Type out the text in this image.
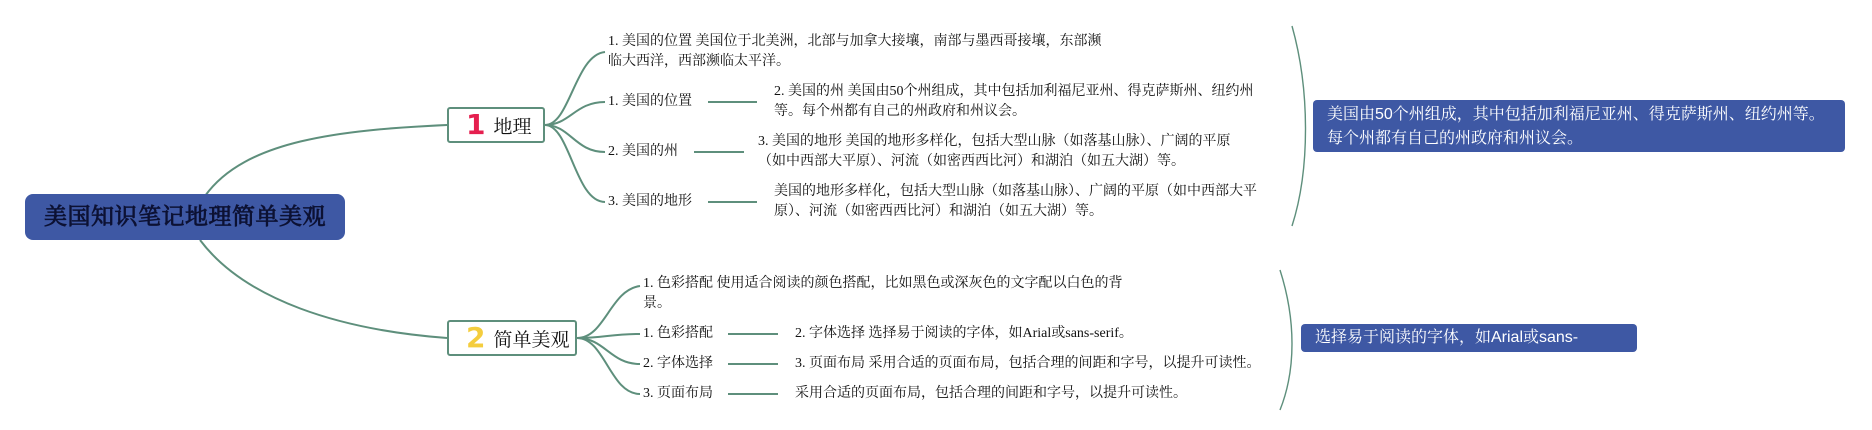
美国知识笔记地理简单美观
1 地理
1. 美国的位置 美国位于北美洲，北部与加拿大接壤，南部与墨西哥接壤，东部濒
临大西洋，西部濒临太平洋。
1. 美国的位置
2. 美国的州
3. 美国的地形
2. 美国的州 美国由50个州组成，其中包括加利福尼亚州、得克萨斯州、纽约州
等。每个州都有自己的州政府和州议会。
3. 美国的地形 美国的地形多样化，包括大型山脉（如落基山脉）、广阔的平原
（如中西部大平原）、河流（如密西西比河）和湖泊（如五大湖）等。
美国的地形多样化，包括大型山脉（如落基山脉）、广阔的平原（如中西部大平
原）、河流（如密西西比河）和湖泊（如五大湖）等。
美国由50个州组成，其中包括加利福尼亚州、得克萨斯州、纽约州等。
每个州都有自己的州政府和州议会。
2 简单美观
1. 色彩搭配 使用适合阅读的颜色搭配，比如黑色或深灰色的文字配以白色的背
景。
1. 色彩搭配
2. 字体选择
3. 页面布局
2. 字体选择 选择易于阅读的字体，如Arial或sans-serif。
3. 页面布局 采用合适的页面布局，包括合理的间距和字号，以提升可读性。
采用合适的页面布局，包括合理的间距和字号，以提升可读性。
选择易于阅读的字体，如Arial或sans-serif。
